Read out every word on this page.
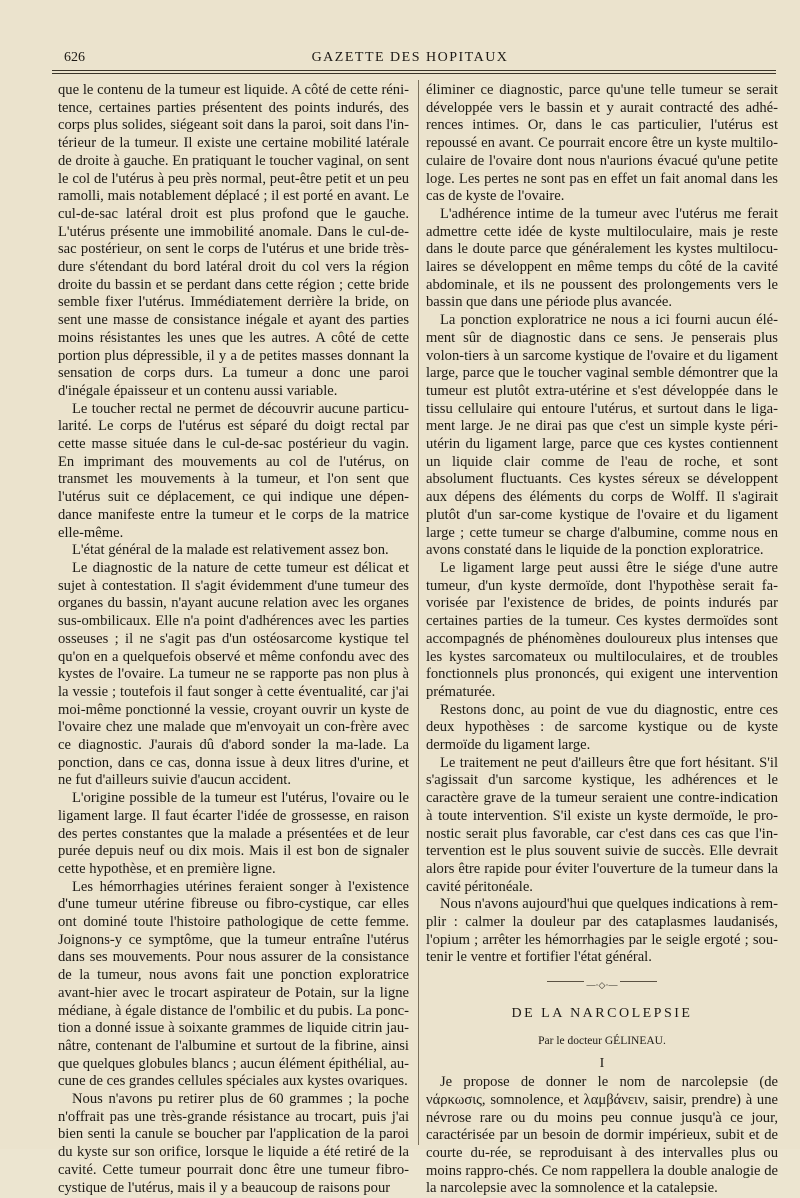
626	GAZETTE DES HOPITAUX

que le contenu de la tumeur est liquide. A côté de cette réni-tence, certaines parties présentent des points indurés, des corps plus solides, siégeant soit dans la paroi, soit dans l'in-térieur de la tumeur. Il existe une certaine mobilité latérale de droite à gauche. En pratiquant le toucher vaginal, on sent le col de l'utérus à peu près normal, peut-être petit et un peu ramolli, mais notablement déplacé ; il est porté en avant. Le cul-de-sac latéral droit est plus profond que le gauche. L'utérus présente une immobilité anomale. Dans le cul-de-sac postérieur, on sent le corps de l'utérus et une bride très-dure s'étendant du bord latéral droit du col vers la région droite du bassin et se perdant dans cette région ; cette bride semble fixer l'utérus. Immédiatement derrière la bride, on sent une masse de consistance inégale et ayant des parties moins résistantes les unes que les autres. A côté de cette portion plus dépressible, il y a de petites masses donnant la sensation de corps durs. La tumeur a donc une paroi d'inégale épaisseur et un contenu aussi variable.

Le toucher rectal ne permet de découvrir aucune particu-larité. Le corps de l'utérus est séparé du doigt rectal par cette masse située dans le cul-de-sac postérieur du vagin. En imprimant des mouvements au col de l'utérus, on transmet les mouvements à la tumeur, et l'on sent que l'utérus suit ce déplacement, ce qui indique une dépen-dance manifeste entre la tumeur et le corps de la matrice elle-même.

L'état général de la malade est relativement assez bon.

Le diagnostic de la nature de cette tumeur est délicat et sujet à contestation. Il s'agit évidemment d'une tumeur des organes du bassin, n'ayant aucune relation avec les organes sus-ombilicaux. Elle n'a point d'adhérences avec les parties osseuses ; il ne s'agit pas d'un ostéosarcome kystique tel qu'on en a quelquefois observé et même confondu avec des kystes de l'ovaire. La tumeur ne se rapporte pas non plus à la vessie ; toutefois il faut songer à cette éventualité, car j'ai moi-même ponctionné la vessie, croyant ouvrir un kyste de l'ovaire chez une malade que m'envoyait un con-frère avec ce diagnostic. J'aurais dû d'abord sonder la ma-lade. La ponction, dans ce cas, donna issue à deux litres d'urine, et ne fut d'ailleurs suivie d'aucun accident.

L'origine possible de la tumeur est l'utérus, l'ovaire ou le ligament large. Il faut écarter l'idée de grossesse, en raison des pertes constantes que la malade a présentées et de leur purée depuis neuf ou dix mois. Mais il est bon de signaler cette hypothèse, et en première ligne.

Les hémorrhagies utérines feraient songer à l'existence d'une tumeur utérine fibreuse ou fibro-cystique, car elles ont dominé toute l'histoire pathologique de cette femme. Joignons-y ce symptôme, que la tumeur entraîne l'utérus dans ses mouvements. Pour nous assurer de la consistance de la tumeur, nous avons fait une ponction exploratrice avant-hier avec le trocart aspirateur de Potain, sur la ligne médiane, à égale distance de l'ombilic et du pubis. La ponc-tion a donné issue à soixante grammes de liquide citrin jau-nâtre, contenant de l'albumine et surtout de la fibrine, ainsi que quelques globules blancs ; aucun élément épithélial, au-cune de ces grandes cellules spéciales aux kystes ovariques.

Nous n'avons pu retirer plus de 60 grammes ; la poche n'offrait pas une très-grande résistance au trocart, puis j'ai bien senti la canule se boucher par l'application de la paroi du kyste sur son orifice, lorsque le liquide a été retiré de la cavité. Cette tumeur pourrait donc être une tumeur fibro-cystique de l'utérus, mais il y a beaucoup de raisons pour

éliminer ce diagnostic, parce qu'une telle tumeur se serait développée vers le bassin et y aurait contracté des adhé-rences intimes. Or, dans le cas particulier, l'utérus est repoussé en avant. Ce pourrait encore être un kyste multilo-culaire de l'ovaire dont nous n'aurions évacué qu'une petite loge. Les pertes ne sont pas en effet un fait anomal dans les cas de kyste de l'ovaire.

L'adhérence intime de la tumeur avec l'utérus me ferait admettre cette idée de kyste multiloculaire, mais je reste dans le doute parce que généralement les kystes multilocu-laires se développent en même temps du côté de la cavité abdominale, et ils ne poussent des prolongements vers le bassin que dans une période plus avancée.

La ponction exploratrice ne nous a ici fourni aucun élé-ment sûr de diagnostic dans ce sens. Je penserais plus volon-tiers à un sarcome kystique de l'ovaire et du ligament large, parce que le toucher vaginal semble démontrer que la tumeur est plutôt extra-utérine et s'est développée dans le tissu cellulaire qui entoure l'utérus, et surtout dans le liga-ment large. Je ne dirai pas que c'est un simple kyste péri-utérin du ligament large, parce que ces kystes contiennent un liquide clair comme de l'eau de roche, et sont absolument fluctuants. Ces kystes séreux se développent aux dépens des éléments du corps de Wolff. Il s'agirait plutôt d'un sar-come kystique de l'ovaire et du ligament large ; cette tumeur se charge d'albumine, comme nous en avons constaté dans le liquide de la ponction exploratrice.

Le ligament large peut aussi être le siége d'une autre tumeur, d'un kyste dermoïde, dont l'hypothèse serait fa-vorisée par l'existence de brides, de points indurés par certaines parties de la tumeur. Ces kystes dermoïdes sont accompagnés de phénomènes douloureux plus intenses que les kystes sarcomateux ou multiloculaires, et de troubles fonctionnels plus prononcés, qui exigent une intervention prématurée.

Restons donc, au point de vue du diagnostic, entre ces deux hypothèses : de sarcome kystique ou de kyste dermoïde du ligament large.

Le traitement ne peut d'ailleurs être que fort hésitant. S'il s'agissait d'un sarcome kystique, les adhérences et le caractère grave de la tumeur seraient une contre-indication à toute intervention. S'il existe un kyste dermoïde, le pro-nostic serait plus favorable, car c'est dans ces cas que l'in-tervention est le plus souvent suivie de succès. Elle devrait alors être rapide pour éviter l'ouverture de la tumeur dans la cavité péritonéale.

Nous n'avons aujourd'hui que quelques indications à rem-plir : calmer la douleur par des cataplasmes laudanisés, l'opium ; arrêter les hémorrhagies par le seigle ergoté ; sou-tenir le ventre et fortifier l'état général.

—·◇·—
DE LA NARCOLEPSIE
Par le docteur GÉLINEAU.
I

Je propose de donner le nom de narcolepsie (de νάρκωσις, somnolence, et λαμβάνειν, saisir, prendre) à une névrose rare ou du moins peu connue jusqu'à ce jour, caractérisée par un besoin de dormir impérieux, subit et de courte du-rée, se reproduisant à des intervalles plus ou moins rappro-chés. Ce nom rappellera la double analogie de la narcolepsie avec la somnolence et la catalepsie.
